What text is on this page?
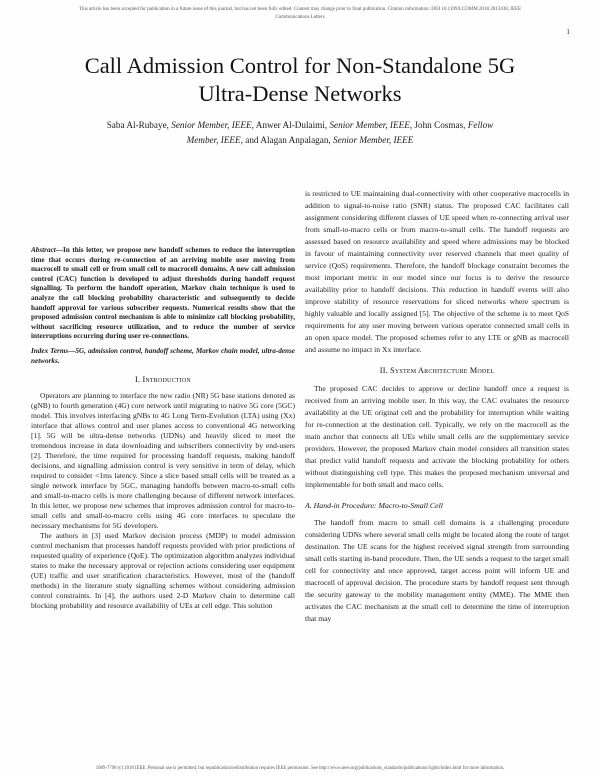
This article has been accepted for publication in a future issue of this journal, but has not been fully edited. Content may change prior to final publication. Citation information: DOI 10.1109/LCOMM.2018.2813438, IEEE
Communications Letters
1
Call Admission Control for Non-Standalone 5G
Ultra-Dense Networks
Saba Al-Rubaye, Senior Member, IEEE, Anwer Al-Dulaimi, Senior Member, IEEE, John Cosmas, Fellow Member, IEEE, and Alagan Anpalagan, Senior Member, IEEE

Abstract—In this letter, we propose new handoff schemes to reduce the interruption time that occurs during re-connection of an arriving mobile user moving from macrocell to small cell or from small cell to macrocell domains. A new call admission control (CAC) function is developed to adjust thresholds during handoff request signalling. To perform the handoff operation, Markov chain technique is used to analyze the call blocking probability characteristic and subsequently to decide handoff approval for various subscriber requests. Numerical results show that the proposed admission control mechanism is able to minimize call blocking probability, without sacrificing resource utilization, and to reduce the number of service interruptions occurring during user re-connections.

Index Terms—5G, admission control, handoff scheme, Markov chain model, ultra-dense networks.

I. Introduction

Operators are planning to interface the new radio (NR) 5G base stations denoted as (gNB) to fourth generation (4G) core network until migrating to native 5G core (5GC) model. This involves interfacing gNBs to 4G Long Term-Evolution (LTA) using (Xx) interface that allows control and user planes access to conventional 4G networking [1]. 5G will be ultra-dense networks (UDNs) and heavily sliced to meet the tremendous increase in data downloading and subscribers connectivity by end-users [2]. Therefore, the time required for processing handoff requests, making handoff decisions, and signalling admission control is very sensitive in term of delay, which required to consider <1ms latency. Since a slice based small cells will be treated as a single network interface by 5GC, managing handoffs between macro-to-small cells and small-to-macro cells is more challenging because of different network interfaces. In this letter, we propose new schemes that improves admission control for macro-to-small cells and small-to-macro cells using 4G core interfaces to speculate the necessary mechanisms for 5G developers.

The authors in [3] used Markov decision process (MDP) to model admission control mechanism that processes handoff requests provided with prior predictions of requested quality of experience (QoE). The optimization algorithm analyzes individual states to make the necessary approval or rejection actions considering user equipment (UE) traffic and user stratification characteristics. However, most of the (handoff methods) in the literature study signalling schemes without considering admission control constraints. In [4], the authors used 2-D Markov chain to determine call blocking probability and resource availability of UEs at cell edge. This solution

is restricted to UE maintaining dual-connectivity with other cooperative macrocells in addition to signal-to-noise ratio (SNR) status. The proposed CAC facilitates call assignment considering different classes of UE speed when re-connecting arrival user from small-to-macro cells or from macro-to-small cells. The handoff requests are assessed based on resource availability and speed where admissions may be blocked in favour of maintaining connectivity over reserved channels that meet quality of service (QoS) requirements. Therefore, the handoff blockage constraint becomes the most important metric in our model since our focus is to derive the resource availability prior to handoff decisions. This reduction in handoff events will also improve stability of resource reservations for sliced networks where spectrum is highly valuable and locally assigned [5]. The objective of the scheme is to meet QoS requirements for any user moving between various operator connected small cells in an open space model. The proposed schemes refer to any LTE or gNB as macrocell and assume no impact in Xx interface.

II. System Architecture Model

The proposed CAC decides to approve or decline handoff once a request is received from an arriving mobile user. In this way, the CAC evaluates the resource availability at the UE original cell and the probability for interruption while waiting for re-connection at the destination cell. Typically, we rely on the macrocell as the main anchor that connects all UEs while small cells are the supplementary service providers. However, the proposed Markov chain model considers all transition states that predict valid handoff requests and activate the blocking probability for others without distinguishing cell type. This makes the proposed mechanism universal and implementable for both small and maco cells.

A. Hand-in Procedure: Macro-to-Small Cell

The handoff from macro to small cell domains is a challenging procedure considering UDNs where several small cells might be located along the route of target destination. The UE scans for the highest received signal strength from surrounding small cells starting in-band procedure. Then, the UE sends a request to the target small cell for connectivity and once approved, target access point will inform UE and macrocell of approval decision. The procedure starts by handoff request sent through the security gateway to the mobility management entity (MME). The MME then activates the CAC mechanism at the small cell to determine the time of interruption that may

1089-7798 (c) 2018 IEEE. Personal use is permitted, but republication/redistribution requires IEEE permission. See http://www.ieee.org/publications_standards/publications/rights/index.html for more information.
